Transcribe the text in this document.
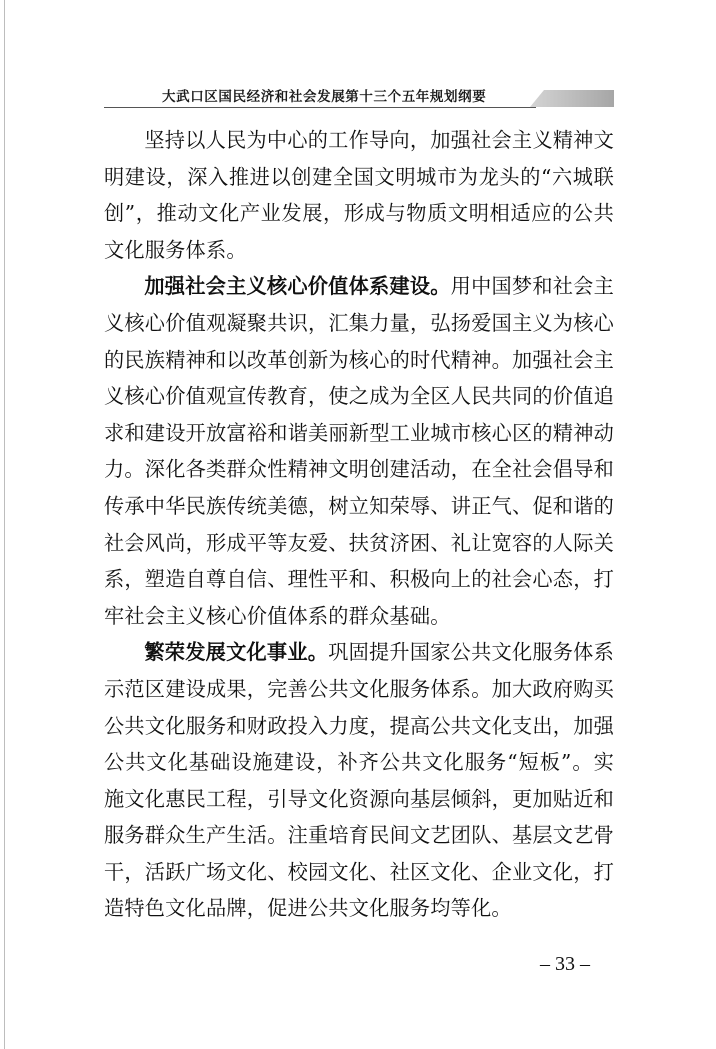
大武口区国民经济和社会发展第十三个五年规划纲要

坚持以人民为中心的工作导向，加强社会主义精神文明建设，深入推进以创建全国文明城市为龙头的“六城联创”，推动文化产业发展，形成与物质文明相适应的公共文化服务体系。

加强社会主义核心价值体系建设。用中国梦和社会主义核心价值观凝聚共识，汇集力量，弘扬爱国主义为核心的民族精神和以改革创新为核心的时代精神。加强社会主义核心价值观宣传教育，使之成为全区人民共同的价值追求和建设开放富裕和谐美丽新型工业城市核心区的精神动力。深化各类群众性精神文明创建活动，在全社会倡导和传承中华民族传统美德，树立知荣辱、讲正气、促和谐的社会风尚，形成平等友爱、扶贫济困、礼让宽容的人际关系，塑造自尊自信、理性平和、积极向上的社会心态，打牢社会主义核心价值体系的群众基础。

繁荣发展文化事业。巩固提升国家公共文化服务体系示范区建设成果，完善公共文化服务体系。加大政府购买公共文化服务和财政投入力度，提高公共文化支出，加强公共文化基础设施建设，补齐公共文化服务“短板”。实施文化惠民工程，引导文化资源向基层倾斜，更加贴近和服务群众生产生活。注重培育民间文艺团队、基层文艺骨干，活跃广场文化、校园文化、社区文化、企业文化，打造特色文化品牌，促进公共文化服务均等化。

– 33 –
